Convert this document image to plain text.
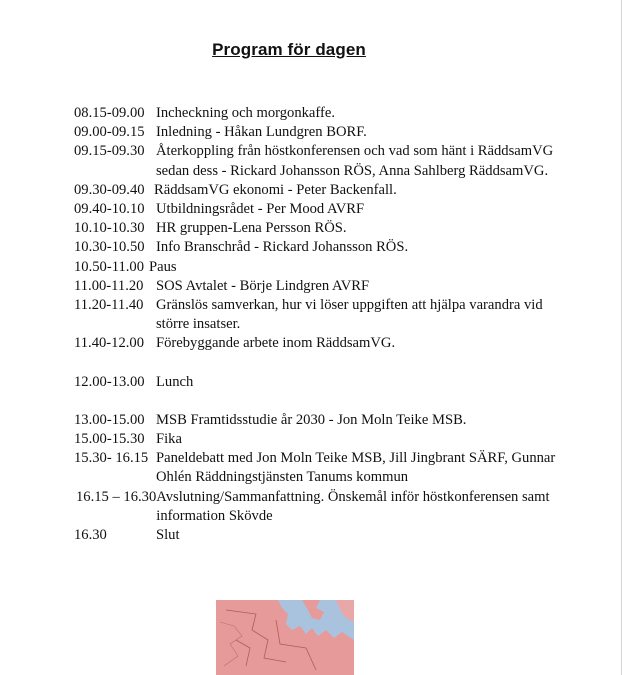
Program för dagen
08.15-09.00 Incheckning och morgonkaffe.
09.00-09.15 Inledning - Håkan Lundgren BORF.
09.15-09.30 Återkoppling från höstkonferensen och vad som hänt i RäddsamVG sedan dess - Rickard Johansson RÖS, Anna Sahlberg RäddsamVG.
09.30-09.40 RäddsamVG ekonomi - Peter Backenfall.
09.40-10.10 Utbildningsrådet - Per Mood AVRF
10.10-10.30 HR gruppen-Lena Persson RÖS.
10.30-10.50 Info Branschråd - Rickard Johansson RÖS.
10.50-11.00 Paus
11.00-11.20 SOS Avtalet - Börje Lindgren AVRF
11.20-11.40 Gränslös samverkan, hur vi löser uppgiften att hjälpa varandra vid större insatser.
11.40-12.00 Förebyggande arbete inom RäddsamVG.
12.00-13.00 Lunch
13.00-15.00 MSB Framtidsstudie år 2030 - Jon Moln Teike MSB.
15.00-15.30 Fika
15.30- 16.15 Paneldebatt med Jon Moln Teike MSB, Jill Jingbrant SÄRF, Gunnar Ohlén Räddningstjänsten Tanums kommun
16.15 – 16.30 Avslutning/Sammanfattning. Önskemål inför höstkonferensen samt information Skövde
16.30	Slut
